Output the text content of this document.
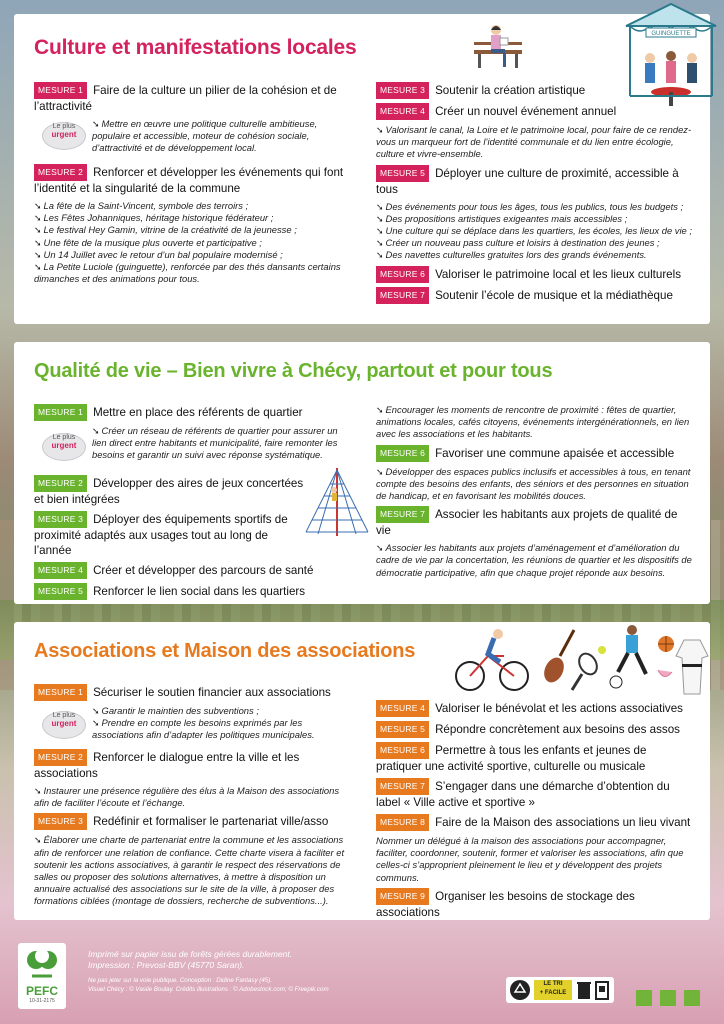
Culture et manifestations locales
GUINGUETTE

MESURE 1 Faire de la culture un pilier de la cohésion et de l’attractivité

Le plus
urgent
➘ Mettre en œuvre une politique culturelle ambitieuse, populaire et accessible, moteur de cohésion sociale, d’attractivité et de développement local.

MESURE 2 Renforcer et développer les événements qui font l’identité et la singularité de la commune

➘ La fête de la Saint-Vincent, symbole des terroirs ;
➘ Les Fêtes Johanniques, héritage historique fédérateur ;
➘ Le festival Hey Gamin, vitrine de la créativité de la jeunesse ;
➘ Une fête de la musique plus ouverte et participative ;
➘ Un 14 Juillet avec le retour d’un bal populaire modernisé ;
➘ La Petite Luciole (guinguette), renforcée par des thés dansants certains dimanches et des animations pour tous.

MESURE 3 Soutenir la création artistique

MESURE 4 Créer un nouvel événement annuel

➘ Valorisant le canal, la Loire et le patrimoine local, pour faire de ce rendez-vous un marqueur fort de l’identité communale et du lien entre écologie, culture et vivre-ensemble.

MESURE 5 Déployer une culture de proximité, accessible à tous

➘ Des événements pour tous les âges, tous les publics, tous les budgets ;
➘ Des propositions artistiques exigeantes mais accessibles ;
➘ Une culture qui se déplace dans les quartiers, les écoles, les lieux de vie ;
➘ Créer un nouveau pass culture et loisirs à destination des jeunes ;
➘ Des navettes culturelles gratuites lors des grands événements.

MESURE 6 Valoriser le patrimoine local et les lieux culturels

MESURE 7 Soutenir l’école de musique et la médiathèque

Qualité de vie – Bien vivre à Chécy, partout et pour tous

MESURE 1 Mettre en place des référents de quartier

Le plus
urgent
➘ Créer un réseau de référents de quartier pour assurer un lien direct entre habitants et municipalité, faire remonter les besoins et garantir un suivi avec réponse systématique.

MESURE 2 Développer des aires de jeux concertées et bien intégrées

MESURE 3 Déployer des équipements sportifs de proximité adaptés aux usages tout au long de l’année

MESURE 4 Créer et développer des parcours de santé

MESURE 5 Renforcer le lien social dans les quartiers

➘ Encourager les moments de rencontre de proximité : fêtes de quartier, animations locales, cafés citoyens, événements intergénérationnels, en lien avec les associations et les habitants.

MESURE 6 Favoriser une commune apaisée et accessible

➘ Développer des espaces publics inclusifs et accessibles à tous, en tenant compte des besoins des enfants, des séniors et des personnes en situation de handicap, et en favorisant les mobilités douces.

MESURE 7 Associer les habitants aux projets de qualité de vie

➘ Associer les habitants aux projets d’aménagement et d’amélioration du cadre de vie par la concertation, les réunions de quartier et les dispositifs de démocratie participative, afin que chaque projet réponde aux besoins.
Associations et Maison des associations

MESURE 1 Sécuriser le soutien financier aux associations

Le plus
urgent
➘ Garantir le maintien des subventions ;
➘ Prendre en compte les besoins exprimés par les associations afin d’adapter les politiques municipales.

MESURE 2 Renforcer le dialogue entre la ville et les associations

➘ Instaurer une présence régulière des élus à la Maison des associations afin de faciliter l’écoute et l’échange.

MESURE 3 Redéfinir et formaliser le partenariat ville/asso

➘ Élaborer une charte de partenariat entre la commune et les associations afin de renforcer une relation de confiance. Cette charte visera à faciliter et soutenir les actions associatives, à garantir le respect des réservations de salles ou proposer des solutions alternatives, à mettre à disposition un annuaire actualisé des associations sur le site de la ville, à proposer des formations ciblées (montage de dossiers, recherche de subventions...).

MESURE 4 Valoriser le bénévolat et les actions associatives

MESURE 5 Répondre concrètement aux besoins des assos

MESURE 6 Permettre à tous les enfants et jeunes de pratiquer une activité sportive, culturelle ou musicale

MESURE 7 S’engager dans une démarche d’obtention du label « Ville active et sportive »

MESURE 8 Faire de la Maison des associations un lieu vivant

Nommer un délégué à la maison des associations pour accompagner, faciliter, coordonner, soutenir, former et valoriser les associations, afin que celles-ci s’approprient pleinement le lieu et y développent des projets communs.

MESURE 9 Organiser les besoins de stockage des associations

PEFC
10-31-2175
Imprimé sur papier issu de forêts gérées durablement.
Impression : Prevost-BBV (45770 Saran).
Ne pas jeter sur la voie publique. Conception : Didine Fantasy (45).
Visuel Chécy : © Vasile Boulay. Crédits illustrations : © Adobestock.com; © Freepik.com
LE TRI
+ FACILE
